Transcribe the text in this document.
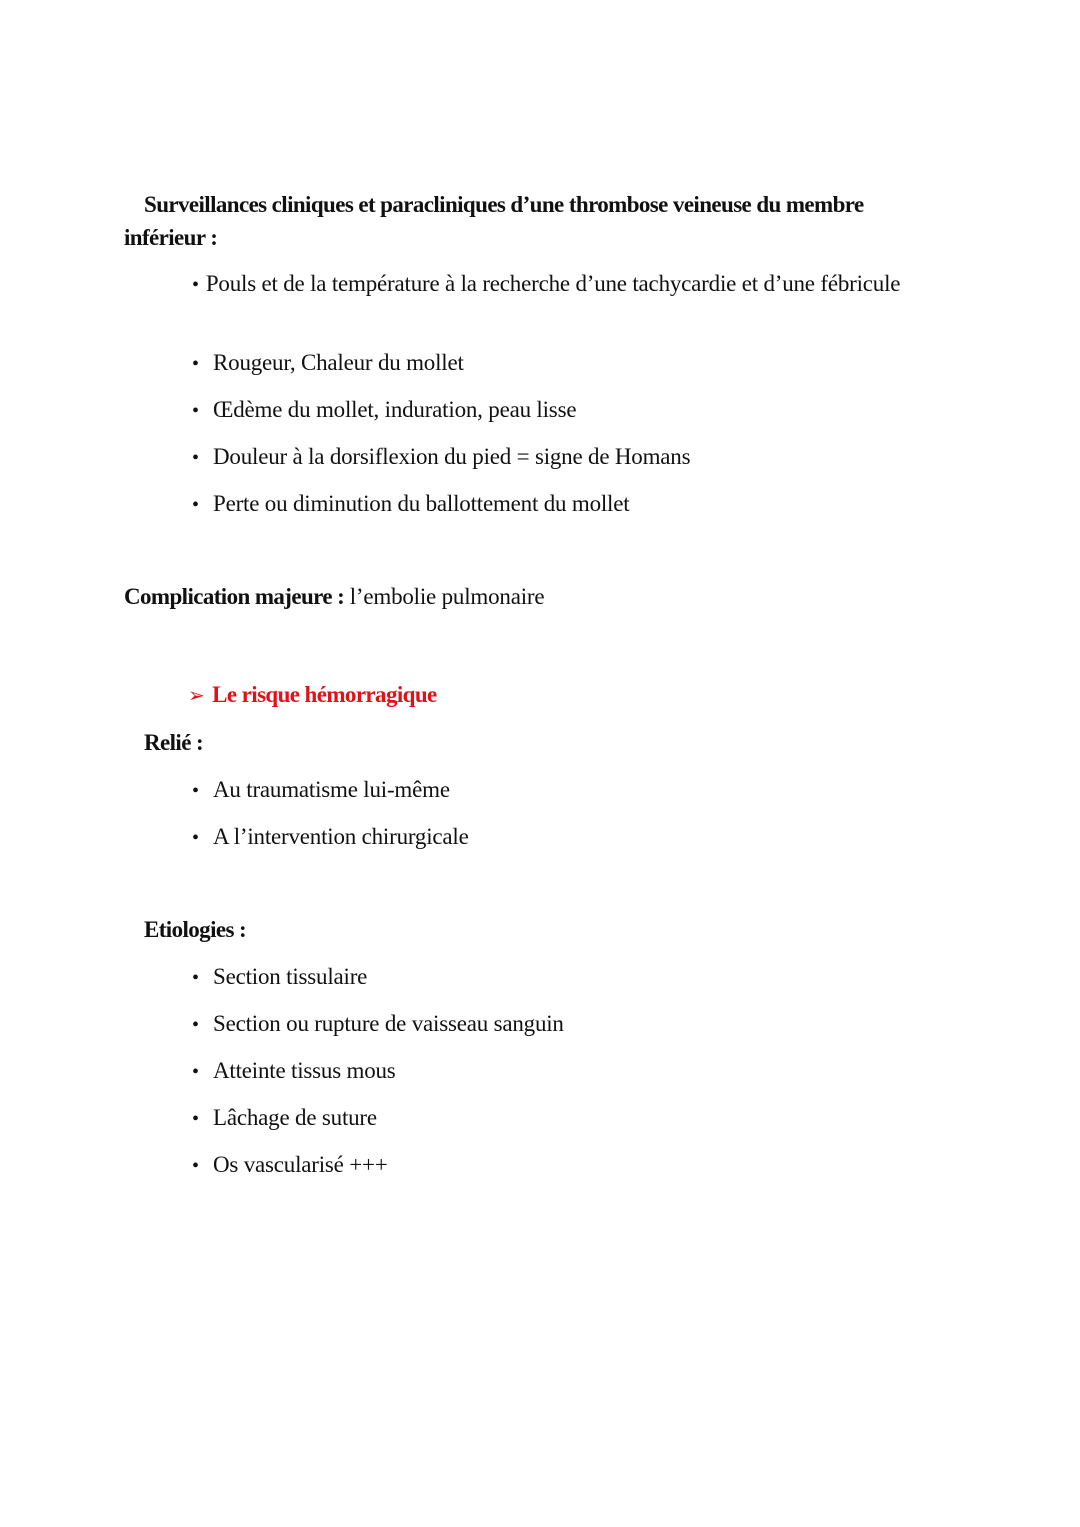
Surveillances cliniques et paracliniques d’une thrombose veineuse du membre inférieur :
• Pouls et de la température à la recherche d’une tachycardie et d’une fébricule
• Rougeur, Chaleur du mollet
• Œdème du mollet, induration, peau lisse
• Douleur à la dorsiflexion du pied = signe de Homans
• Perte ou diminution du ballottement du mollet
Complication majeure : l’embolie pulmonaire
➢ Le risque hémorragique
Relié :
• Au traumatisme lui-même
• A l’intervention chirurgicale
Etiologies :
• Section tissulaire
• Section ou rupture de vaisseau sanguin
• Atteinte tissus mous
• Lâchage de suture
• Os vascularisé +++
